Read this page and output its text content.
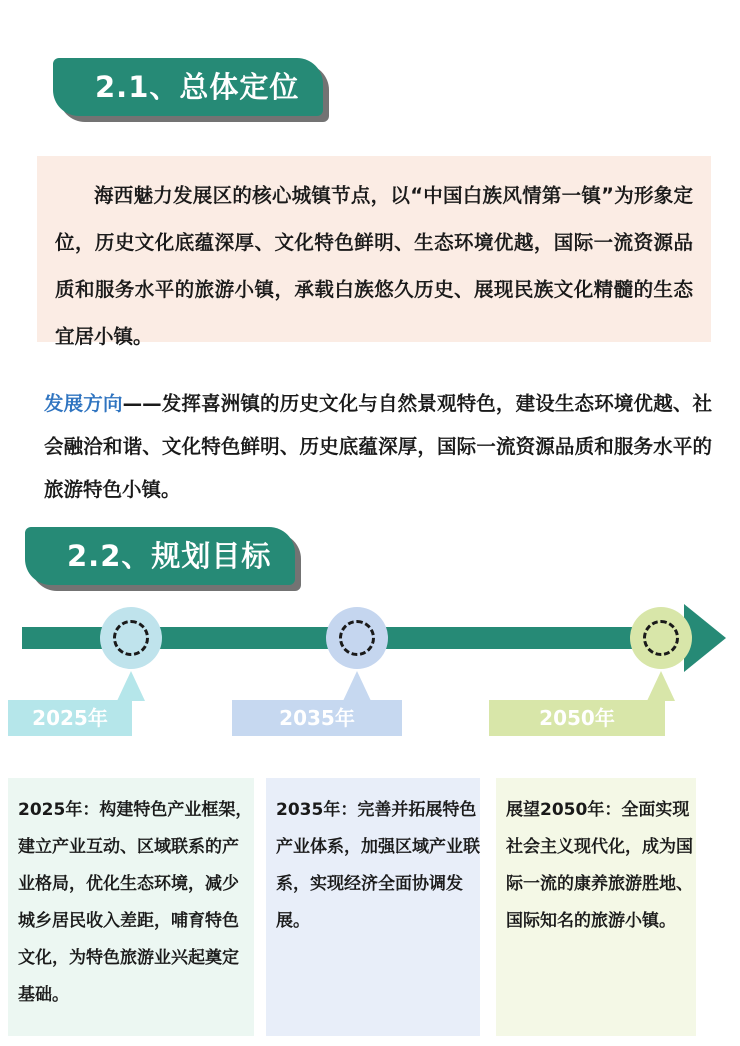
2.1、总体定位
海西魅力发展区的核心城镇节点，以“中国白族风情第一镇”为形象定位，历史文化底蕴深厚、文化特色鲜明、生态环境优越，国际一流资源品质和服务水平的旅游小镇，承载白族悠久历史、展现民族文化精髓的生态宜居小镇。
发展方向——发挥喜洲镇的历史文化与自然景观特色，建设生态环境优越、社会融洽和谐、文化特色鲜明、历史底蕴深厚，国际一流资源品质和服务水平的旅游特色小镇。
2.2、规划目标
2025年	2035年	2050年
2025年：构建特色产业框架，建立产业互动、区域联系的产业格局，优化生态环境，减少城乡居民收入差距，哺育特色文化，为特色旅游业兴起奠定基础。
2035年：完善并拓展特色产业体系，加强区域产业联系，实现经济全面协调发展。
展望2050年：全面实现社会主义现代化，成为国际一流的康养旅游胜地、国际知名的旅游小镇。
